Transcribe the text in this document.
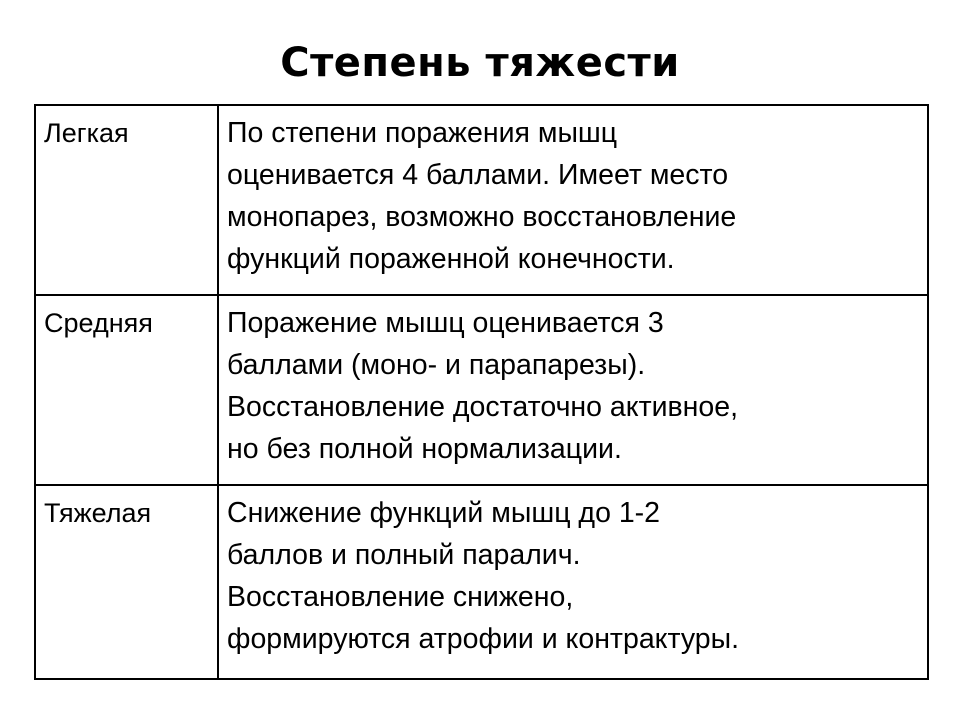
Степень тяжести
Легкая	По степени поражения мышц
оценивается 4 баллами. Имеет место
монопарез, возможно восстановление
функций пораженной конечности.

Средняя	Поражение мышц оценивается 3
баллами (моно- и парапарезы).
Восстановление достаточно активное,
но без полной нормализации.

Тяжелая	Снижение функций мышц до 1-2
баллов и полный паралич.
Восстановление снижено,
формируются атрофии и контрактуры.
